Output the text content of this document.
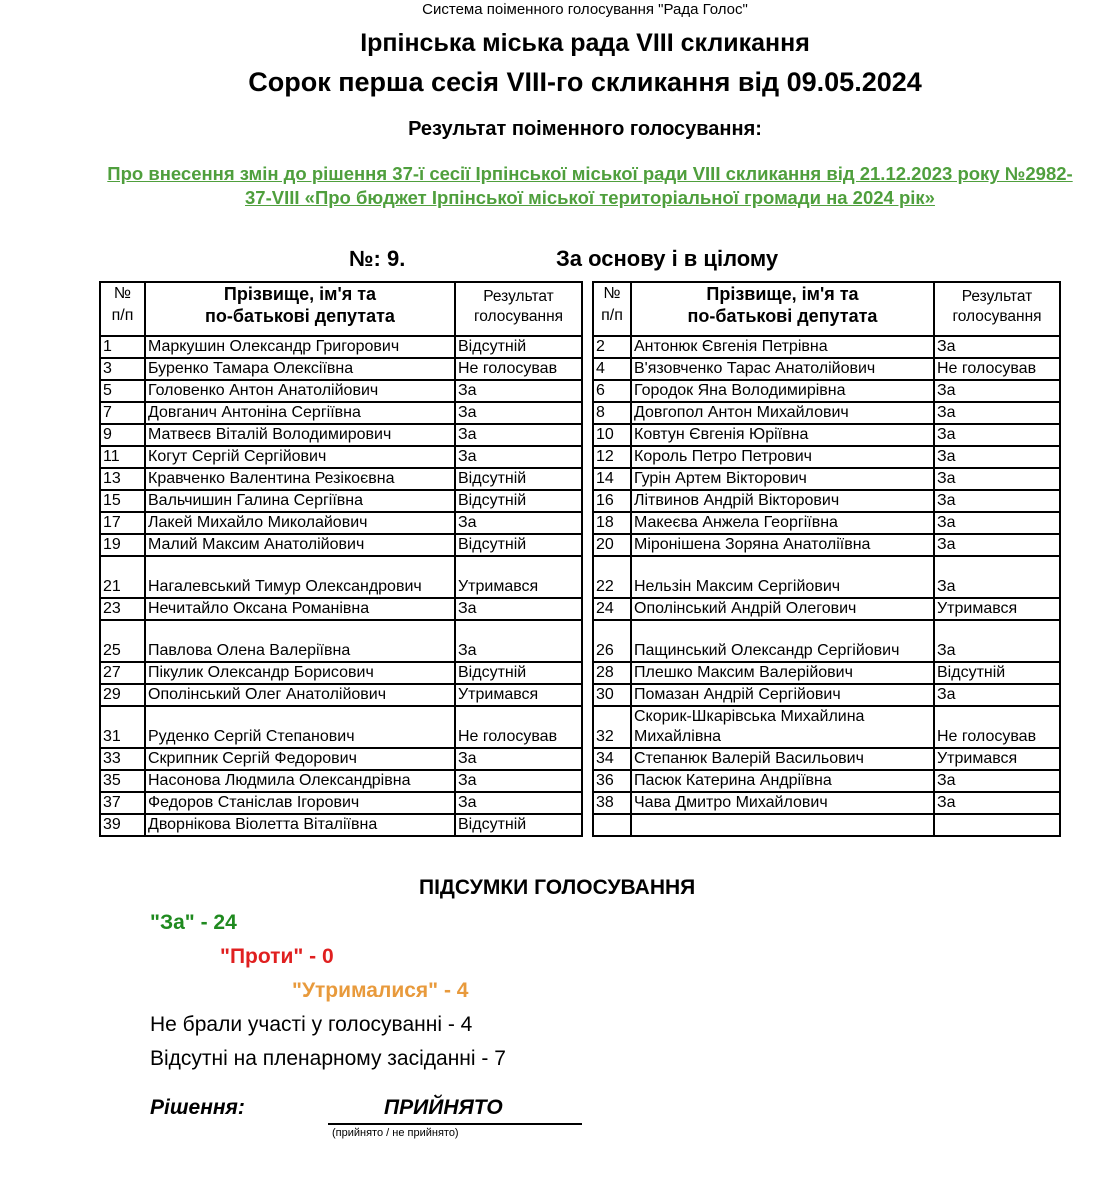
Система поіменного голосування "Рада Голос"
Ірпінська міська рада VIII скликання
Сорок перша сесія VIII-го скликання від 09.05.2024
Результат поіменного голосування:
Про внесення змін до рішення 37-ї сесії Ірпінської міської ради VIII скликання від 21.12.2023 року №2982-37-VIII «Про бюджет Ірпінської міської територіальної громади на 2024 рік»
№: 9.	За основу і в цілому
№
п/п	Прізвище, ім'я та
по-батькові депутата	Результат
голосування
1	Маркушин Олександр Григорович	Відсутній
3	Буренко Тамара Олексіївна	Не голосував
5	Головенко Антон Анатолійович	За
7	Довганич Антоніна Сергіївна	За
9	Матвеєв Віталій Володимирович	За
11	Когут Сергій Сергійович	За
13	Кравченко Валентина Резікоєвна	Відсутній
15	Вальчишин Галина Сергіївна	Відсутній
17	Лакей Михайло Миколайович	За
19	Малий Максим Анатолійович	Відсутній
21	Нагалевський Тимур Олександрович	Утримався
23	Нечитайло Оксана Романівна	За
25	Павлова Олена Валеріївна	За
27	Пікулик Олександр Борисович	Відсутній
29	Ополінський Олег Анатолійович	Утримався
31	Руденко Сергій Степанович	Не голосував
33	Скрипник Сергій Федорович	За
35	Насонова Людмила Олександрівна	За
37	Федоров Станіслав Ігорович	За
39	Дворнікова Віолетта Віталіївна	Відсутній
№
п/п	Прізвище, ім'я та
по-батькові депутата	Результат
голосування
2	Антонюк Євгенія Петрівна	За
4	В'язовченко Тарас Анатолійович	Не голосував
6	Городок Яна Володимирівна	За
8	Довгопол Антон Михайлович	За
10	Ковтун Євгенія Юріївна	За
12	Король Петро Петрович	За
14	Гурін Артем Вікторович	За
16	Літвинов Андрій Вікторович	За
18	Макеєва Анжела Георгіївна	За
20	Міронішена Зоряна Анатоліївна	За
22	Нельзін Максим Сергійович	За
24	Ополінський Андрій Олегович	Утримався
26	Пащинський Олександр Сергійович	За
28	Плешко Максим Валерійович	Відсутній
30	Помазан Андрій Сергійович	За
32	Скорик-Шкарівська Михайлина Михайлівна	Не голосував
34	Степанюк Валерій Васильович	Утримався
36	Пасюк Катерина Андріївна	За
38	Чава Дмитро Михайлович	За

ПІДСУМКИ ГОЛОСУВАННЯ
"За" - 24
"Проти" - 0
"Утрималися" - 4
Не брали участі у голосуванні - 4
Відсутні на пленарному засіданні - 7
Рішення:	ПРИЙНЯТО
(прийнято / не прийнято)
